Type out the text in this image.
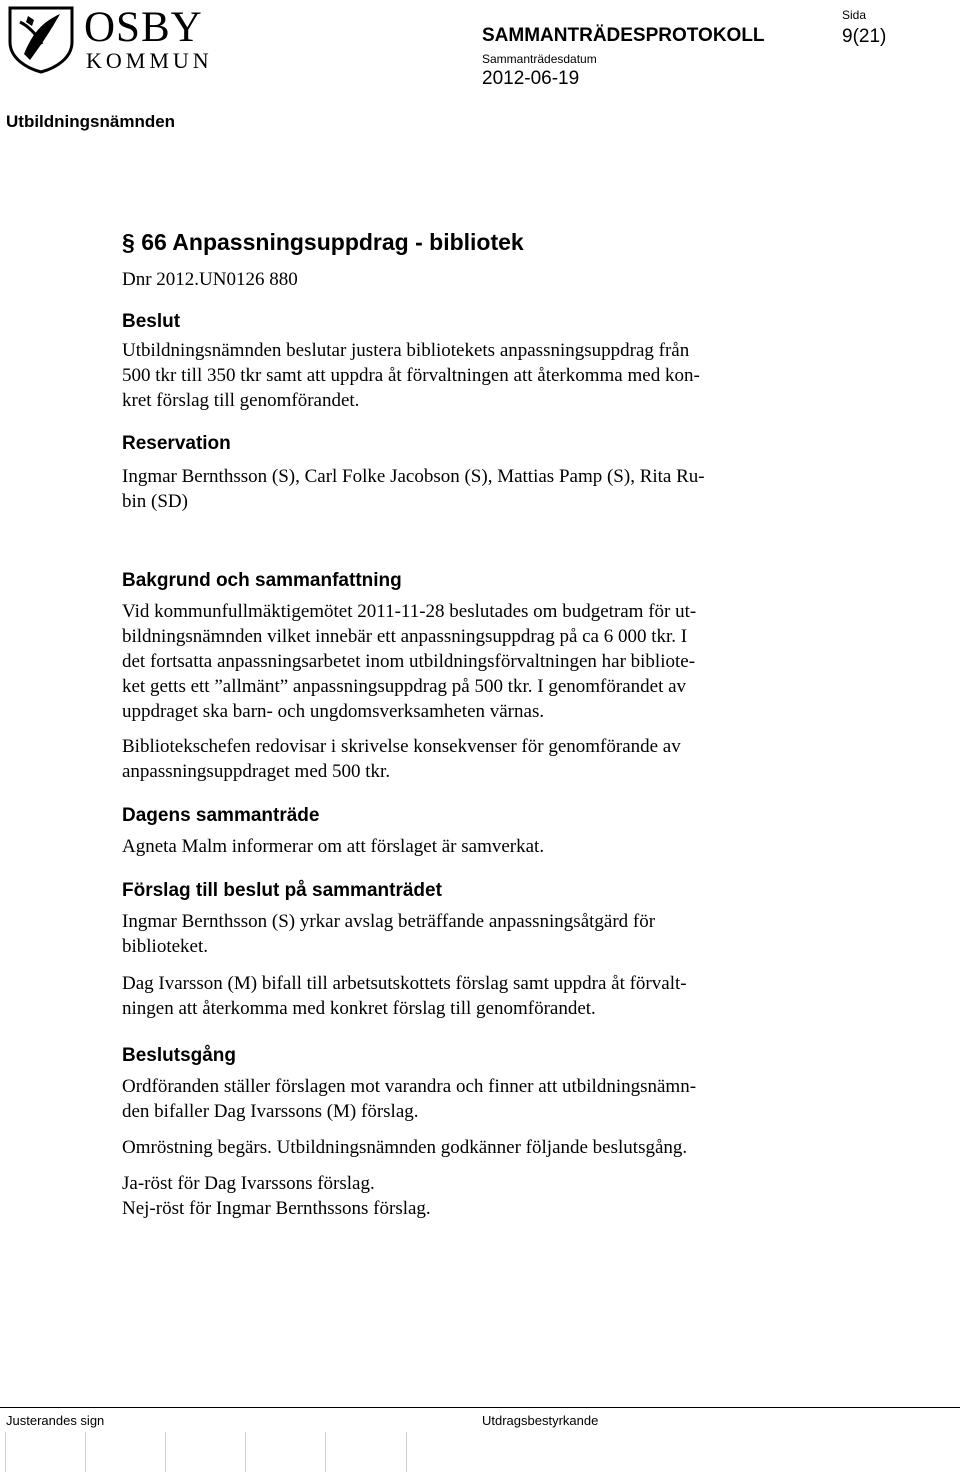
OSBY
KOMMUN
SAMMANTRÄDESPROTOKOLL
Sammanträdesdatum
2012-06-19
Sida
9(21)
Utbildningsnämnden
§ 66 Anpassningsuppdrag - bibliotek
Dnr 2012.UN0126 880
Beslut
Utbildningsnämnden beslutar justera bibliotekets anpassningsuppdrag från
500 tkr till 350 tkr samt att uppdra åt förvaltningen att återkomma med kon-
kret förslag till genomförandet.
Reservation
Ingmar Bernthsson (S), Carl Folke Jacobson (S), Mattias Pamp (S), Rita Ru-
bin (SD)
Bakgrund och sammanfattning
Vid kommunfullmäktigemötet 2011-11-28 beslutades om budgetram för ut-
bildningsnämnden vilket innebär ett anpassningsuppdrag på ca 6 000 tkr. I
det fortsatta anpassningsarbetet inom utbildningsförvaltningen har bibliote-
ket getts ett ”allmänt” anpassningsuppdrag på 500 tkr. I genomförandet av
uppdraget ska barn- och ungdomsverksamheten värnas.
Bibliotekschefen redovisar i skrivelse konsekvenser för genomförande av
anpassningsuppdraget med 500 tkr.
Dagens sammanträde
Agneta Malm informerar om att förslaget är samverkat.
Förslag till beslut på sammanträdet
Ingmar Bernthsson (S) yrkar avslag beträffande anpassningsåtgärd för
biblioteket.
Dag Ivarsson (M) bifall till arbetsutskottets förslag samt uppdra åt förvalt-
ningen att återkomma med konkret förslag till genomförandet.
Beslutsgång
Ordföranden ställer förslagen mot varandra och finner att utbildningsnämn-
den bifaller Dag Ivarssons (M) förslag.
Omröstning begärs. Utbildningsnämnden godkänner följande beslutsgång.
Ja-röst för Dag Ivarssons förslag.
Nej-röst för Ingmar Bernthssons förslag.
Justerandes sign	Utdragsbestyrkande
